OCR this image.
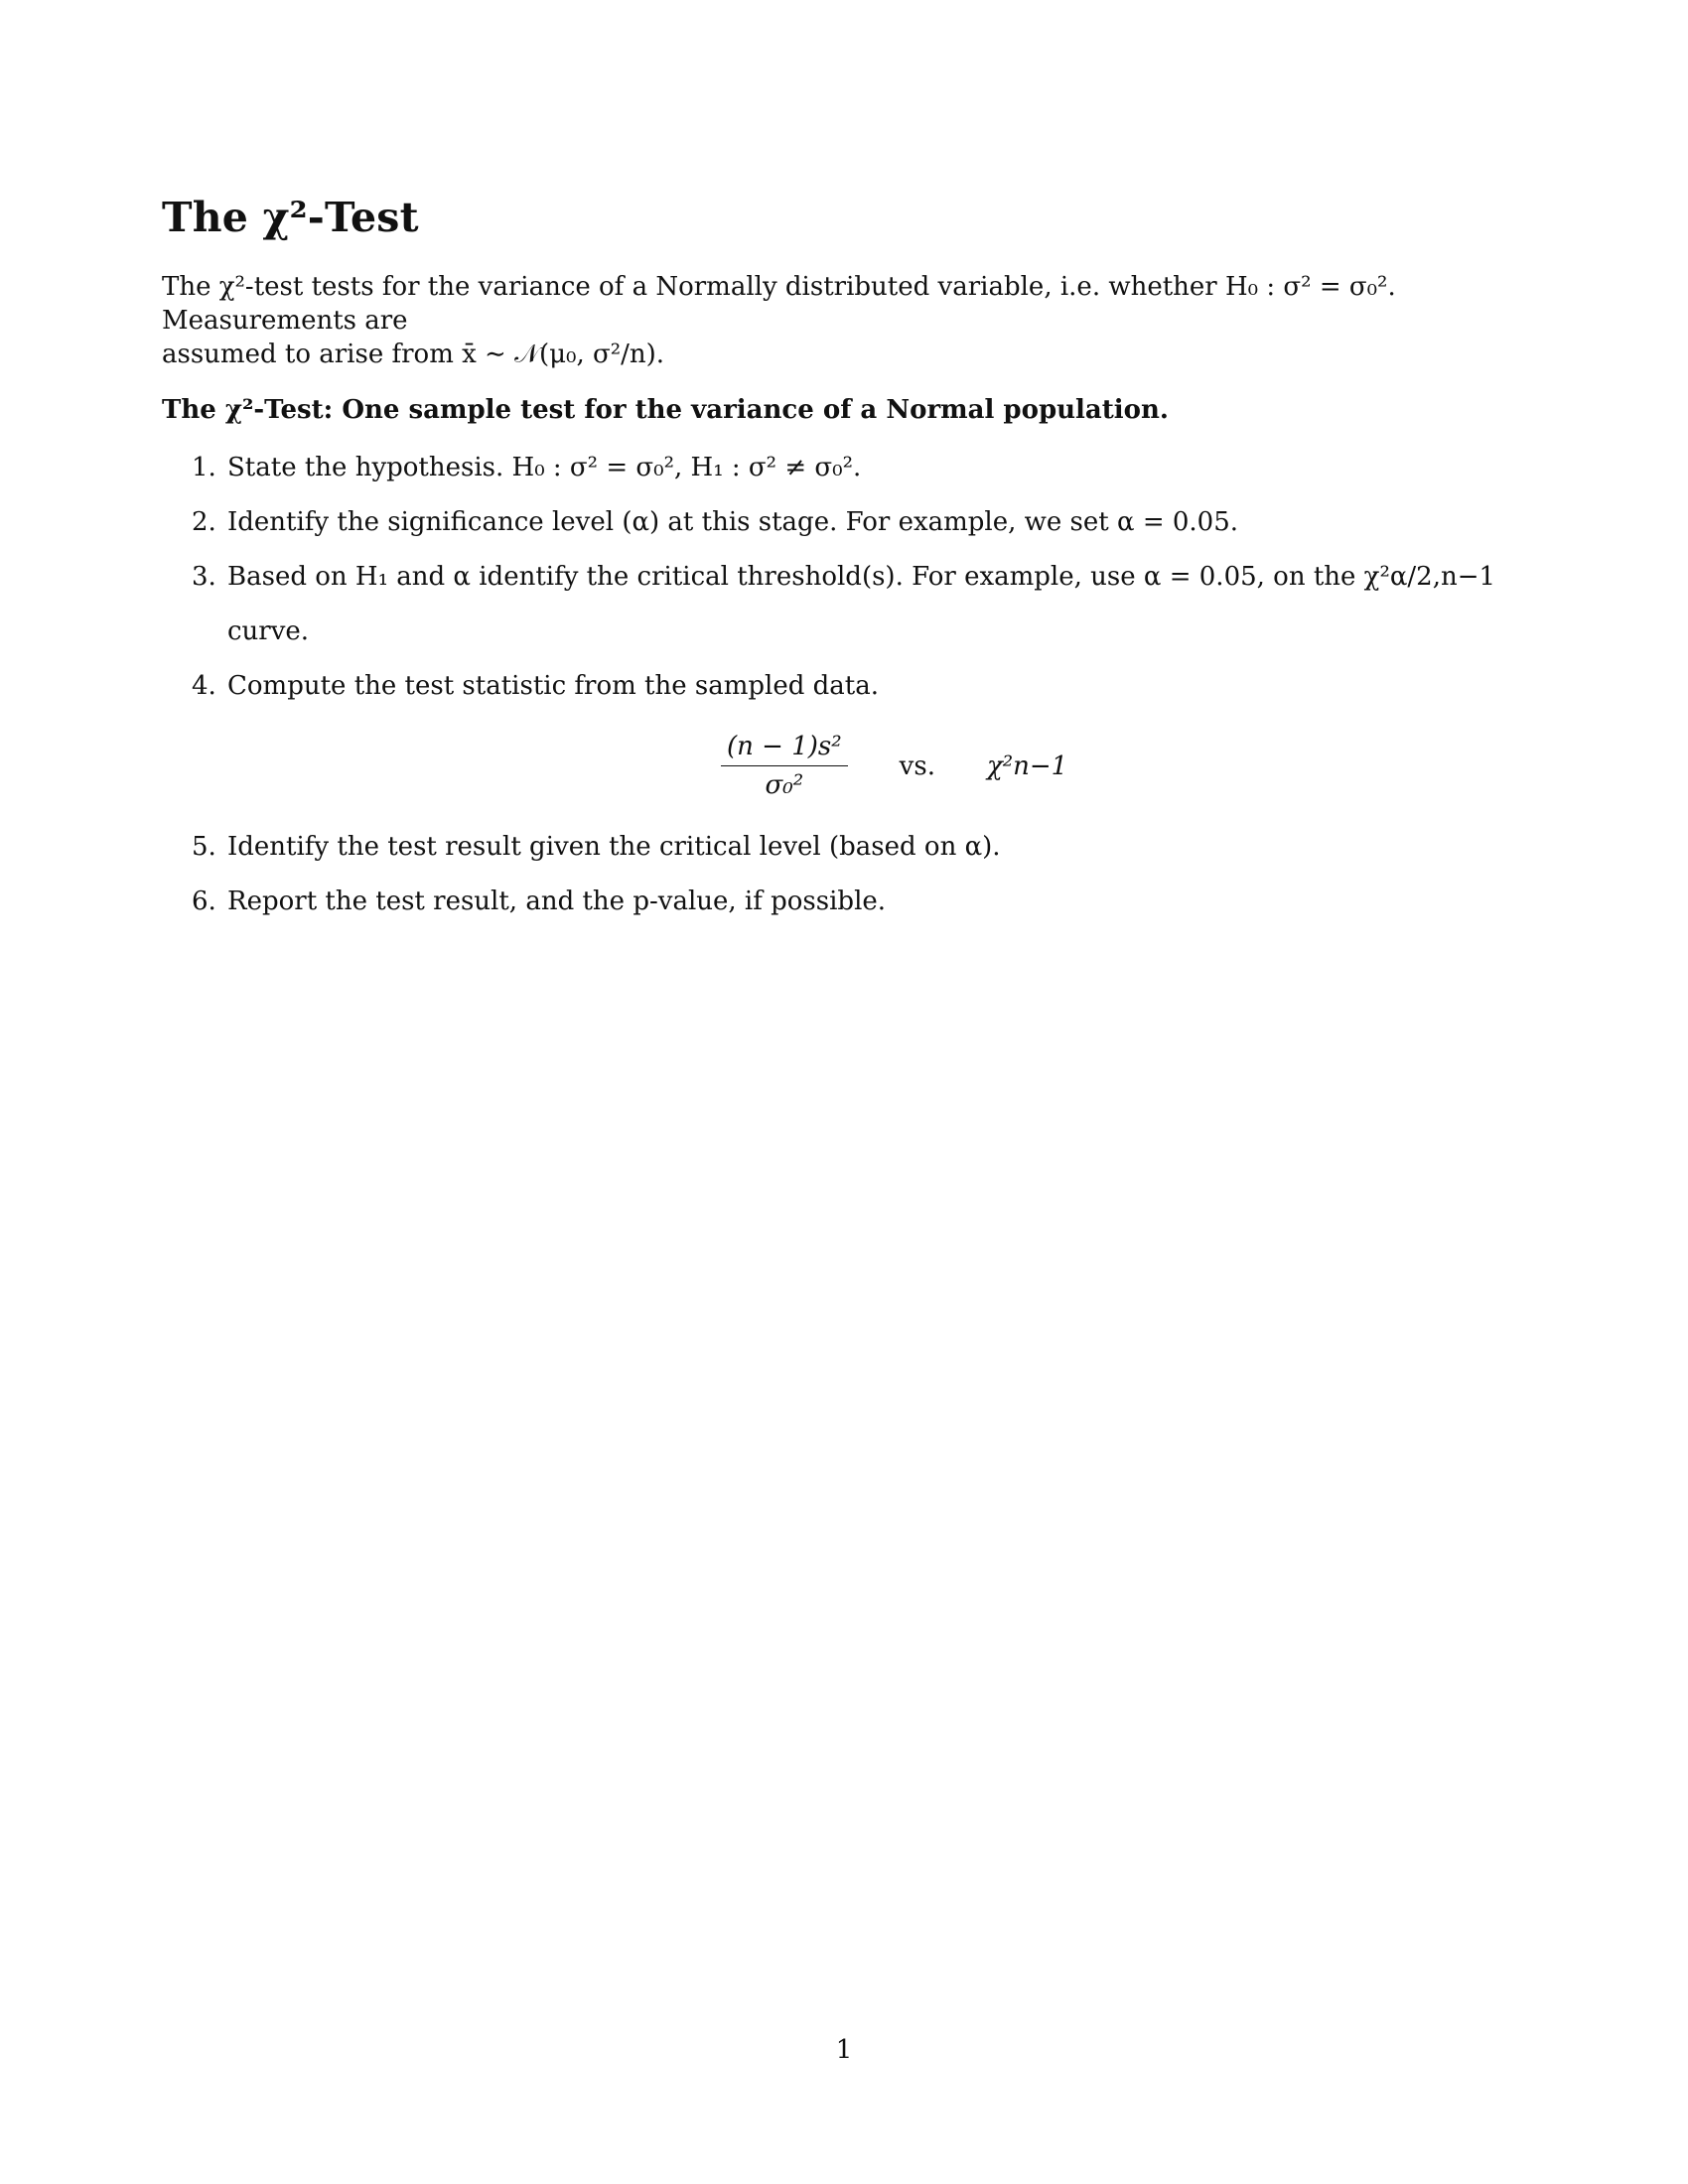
The χ²-Test

The χ²-test tests for the variance of a Normally distributed variable, i.e. whether H₀ : σ² = σ₀². Measurements are
assumed to arise from x̄ ∼ 𝒩(μ₀, σ²/n).

The χ²-Test: One sample test for the variance of a Normal population.

1. State the hypothesis. H₀ : σ² = σ₀², H₁ : σ² ≠ σ₀².
2. Identify the significance level (α) at this stage. For example, we set α = 0.05.
3. Based on H₁ and α identify the critical threshold(s). For example, use α = 0.05, on the χ²α/2,n−1 curve.
4. Compute the test statistic from the sampled data.
$\frac{\text{(n − 1)s²}}{\text{σ₀²}}$ vs. χ²n−1
5. Identify the test result given the critical level (based on α).
6. Report the test result, and the p-value, if possible.
1
